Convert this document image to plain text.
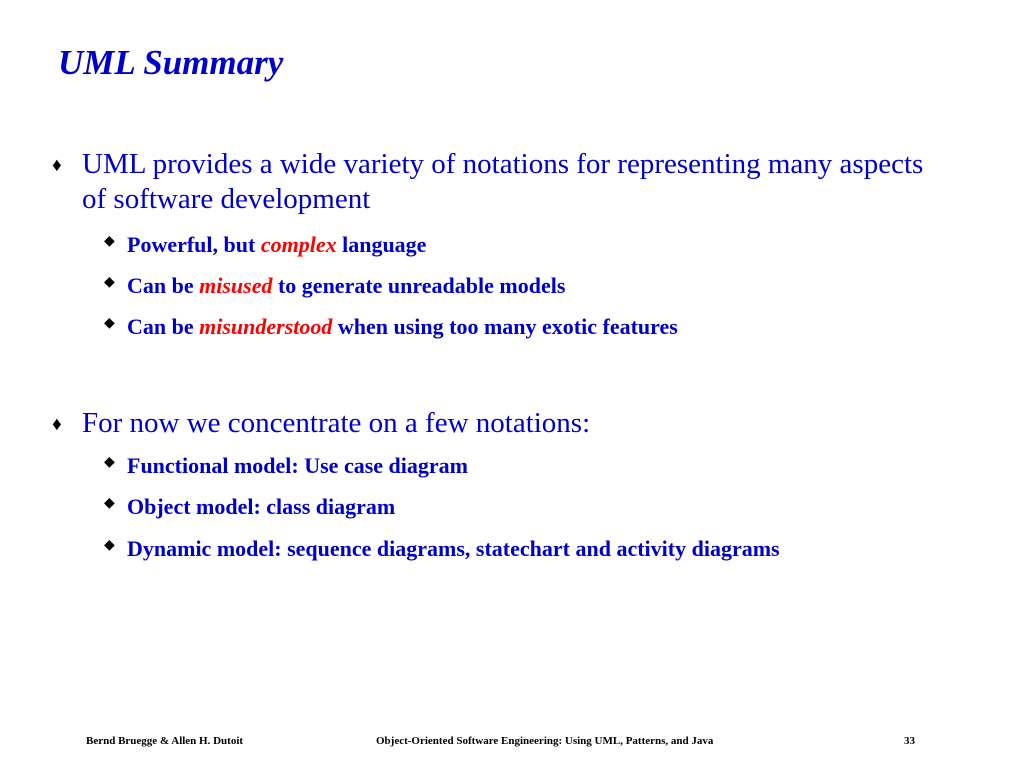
UML Summary
♦ UML provides a wide variety of notations for representing many aspects of software development
◆ Powerful, but complex language
◆ Can be misused to generate unreadable models
◆ Can be misunderstood when using too many exotic features
♦ For now we concentrate on a few notations:
◆ Functional model: Use case diagram
◆ Object model: class diagram
◆ Dynamic model: sequence diagrams, statechart and activity diagrams
Bernd Bruegge & Allen H. Dutoit	Object-Oriented Software Engineering: Using UML, Patterns, and Java	33
